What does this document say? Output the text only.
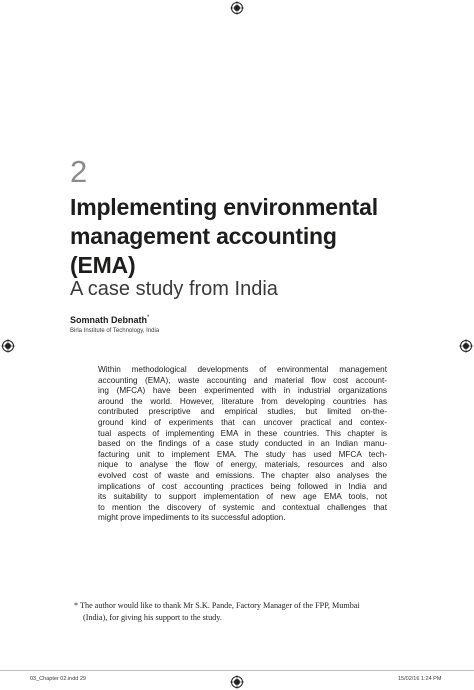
2
Implementing environmental
management accounting
(EMA)
A case study from India
Somnath Debnath*
Birla Institute of Technology, India
Within methodological developments of environmental management
accounting (EMA), waste accounting and material flow cost account-
ing (MFCA) have been experimented with in industrial organizations
around the world. However, literature from developing countries has
contributed prescriptive and empirical studies, but limited on-the-
ground kind of experiments that can uncover practical and contex-
tual aspects of implementing EMA in these countries. This chapter is
based on the findings of a case study conducted in an Indian manu-
facturing unit to implement EMA. The study has used MFCA tech-
nique to analyse the flow of energy, materials, resources and also
evolved cost of waste and emissions. The chapter also analyses the
implications of cost accounting practices being followed in India and
its suitability to support implementation of new age EMA tools, not
to mention the discovery of systemic and contextual challenges that
might prove impediments to its successful adoption.
* The author would like to thank Mr S.K. Pande, Factory Manager of the FPP, Mumbai
(India), for giving his support to the study.
03_Chapter 02.indd 29	15/02/16 1:24 PM
